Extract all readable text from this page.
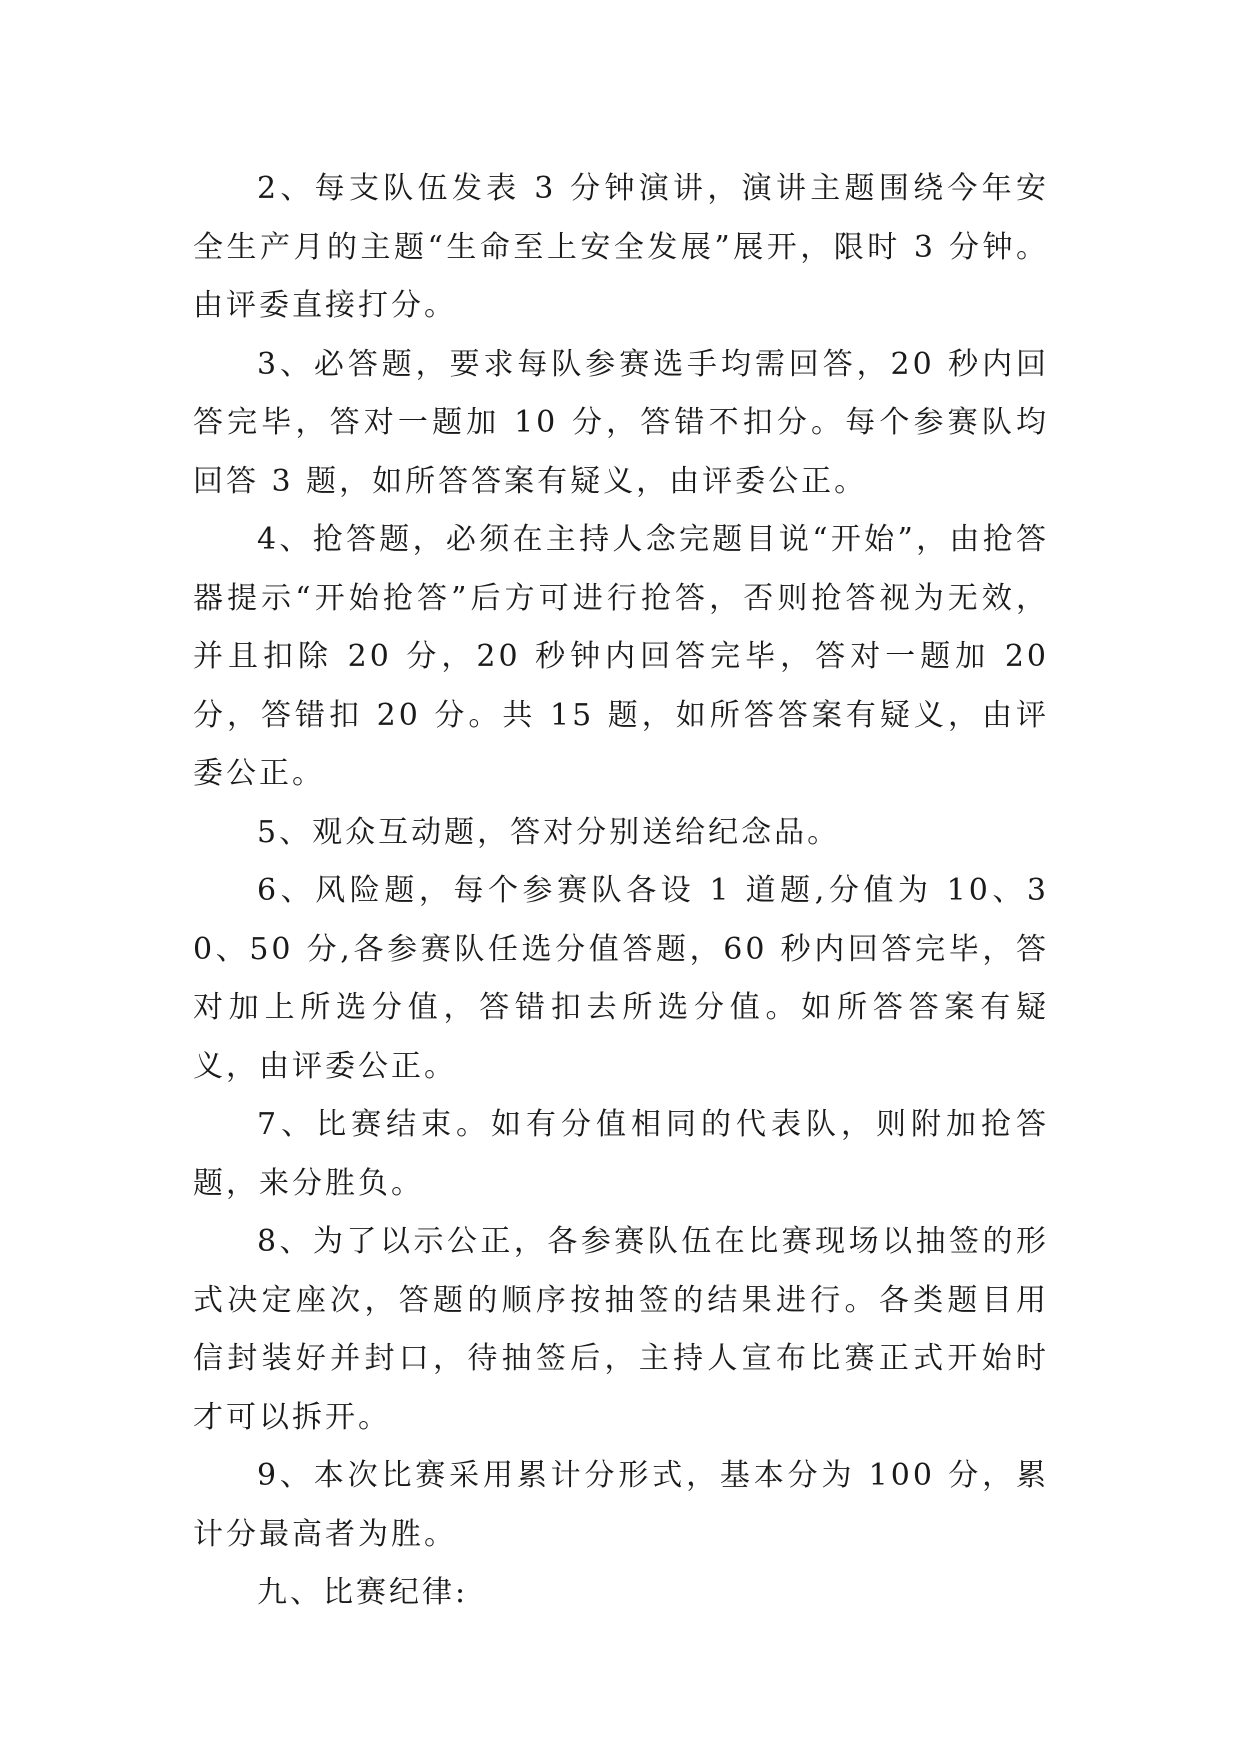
2、每支队伍发表 3 分钟演讲，演讲主题围绕今年安全生产月的主题“生命至上安全发展”展开，限时 3 分钟。由评委直接打分。

3、必答题，要求每队参赛选手均需回答，20 秒内回答完毕，答对一题加 10 分，答错不扣分。每个参赛队均回答 3 题，如所答答案有疑义，由评委公正。

4、抢答题，必须在主持人念完题目说“开始”，由抢答器提示“开始抢答”后方可进行抢答，否则抢答视为无效，并且扣除 20 分，20 秒钟内回答完毕，答对一题加 20 分，答错扣 20 分。共 15 题，如所答答案有疑义，由评委公正。

5、观众互动题，答对分别送给纪念品。

6、风险题，每个参赛队各设 1 道题,分值为 10、30、50 分,各参赛队任选分值答题，60 秒内回答完毕，答对加上所选分值，答错扣去所选分值。如所答答案有疑义，由评委公正。

7、比赛结束。如有分值相同的代表队，则附加抢答题，来分胜负。

8、为了以示公正，各参赛队伍在比赛现场以抽签的形式决定座次，答题的顺序按抽签的结果进行。各类题目用信封装好并封口，待抽签后，主持人宣布比赛正式开始时才可以拆开。

9、本次比赛采用累计分形式，基本分为 100 分，累计分最高者为胜。

九、比赛纪律:
